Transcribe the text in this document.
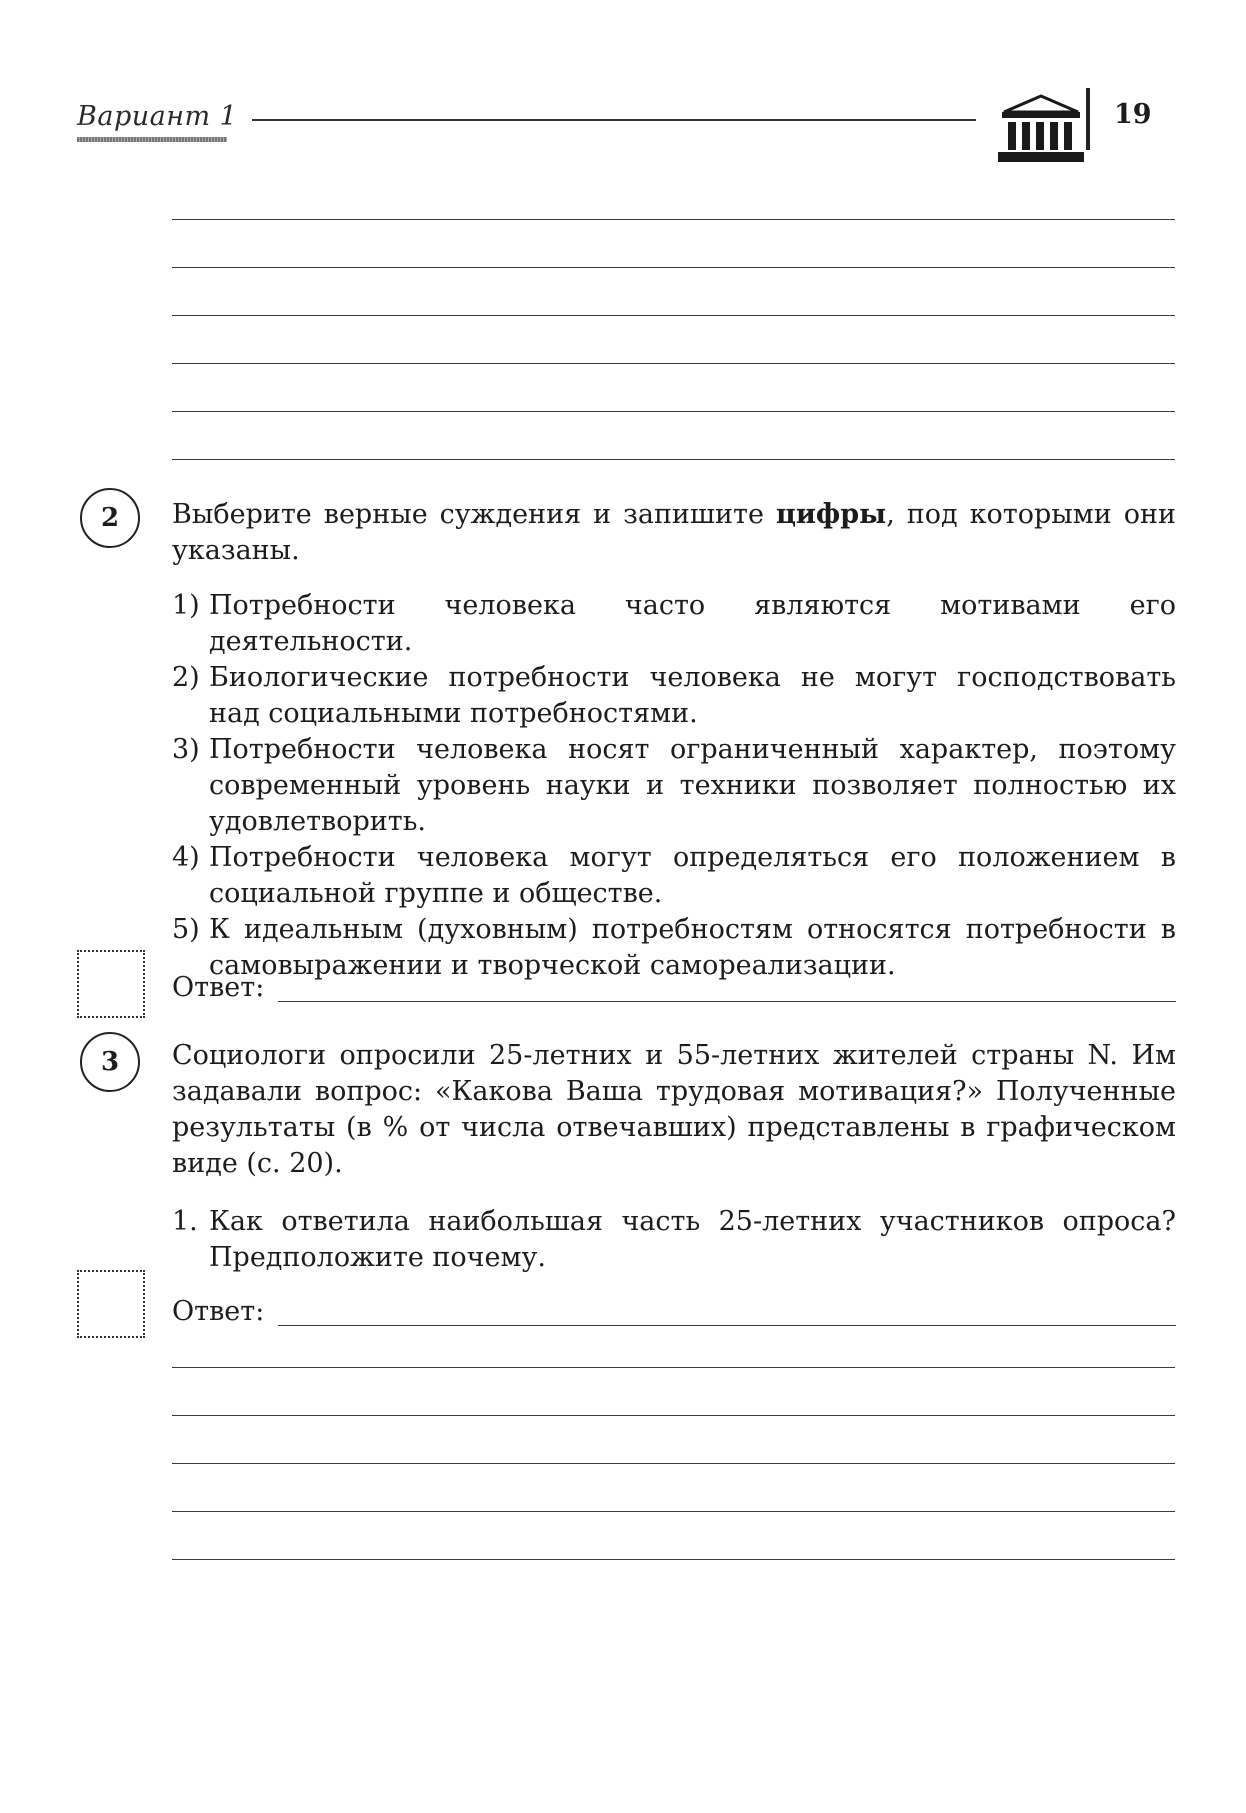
Вариант 1	19
2	Выберите верные суждения и запишите цифры, под которыми они указаны.
1) Потребности человека часто являются мотивами его деятельности.
2) Биологические потребности человека не могут господствовать над социальными потребностями.
3) Потребности человека носят ограниченный характер, поэтому современный уровень науки и техники позволяет полностью их удовлетворить.
4) Потребности человека могут определяться его положением в социальной группе и обществе.
5) К идеальным (духовным) потребностям относятся потребности в самовыражении и творческой самореализации.
Ответ:
3	Социологи опросили 25-летних и 55-летних жителей страны N. Им задавали вопрос: «Какова Ваша трудовая мотивация?» Полученные результаты (в % от числа отвечавших) представлены в графическом виде (с. 20).
1. Как ответила наибольшая часть 25-летних участников опроса? Предположите почему.
Ответ:
